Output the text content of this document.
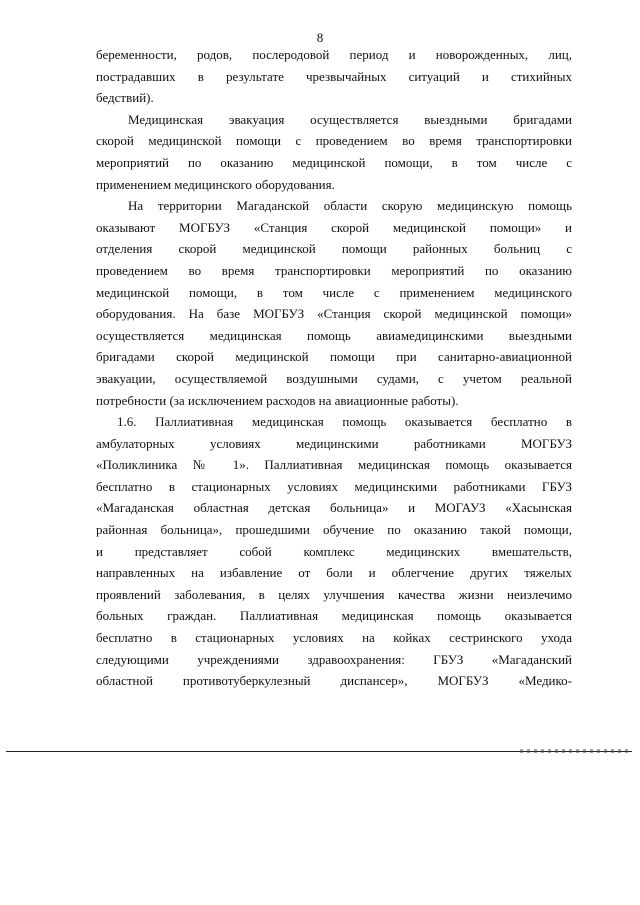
8

беременности, родов, послеродовой период и новорожденных, лиц,
пострадавших в результате чрезвычайных ситуаций и стихийных
бедствий).

Медицинская эвакуация осуществляется выездными бригадами
скорой медицинской помощи с проведением во время транспортировки
мероприятий по оказанию медицинской помощи, в том числе с
применением медицинского оборудования.

На территории Магаданской области скорую медицинскую помощь
оказывают МОГБУЗ «Станция скорой медицинской помощи» и
отделения скорой медицинской помощи районных больниц с
проведением во время транспортировки мероприятий по оказанию
медицинской помощи, в том числе с применением медицинского
оборудования. На базе МОГБУЗ «Станция скорой медицинской помощи»
осуществляется медицинская помощь авиамедицинскими выездными
бригадами скорой медицинской помощи при санитарно-авиационной
эвакуации, осуществляемой воздушными судами, с учетом реальной
потребности (за исключением расходов на авиационные работы).

1.6. Паллиативная медицинская помощь оказывается бесплатно в
амбулаторных условиях медицинскими работниками МОГБУЗ
«Поликлиника № 1». Паллиативная медицинская помощь оказывается
бесплатно в стационарных условиях медицинскими работниками ГБУЗ
«Магаданская областная детская больница» и МОГАУЗ «Хасынская
районная больница», прошедшими обучение по оказанию такой помощи,
и представляет собой комплекс медицинских вмешательств,
направленных на избавление от боли и облегчение других тяжелых
проявлений заболевания, в целях улучшения качества жизни неизлечимо
больных граждан. Паллиативная медицинская помощь оказывается
бесплатно в стационарных условиях на койках сестринского ухода
следующими учреждениями здравоохранения: ГБУЗ «Магаданский
областной противотуберкулезный диспансер», МОГБУЗ «Медико-
